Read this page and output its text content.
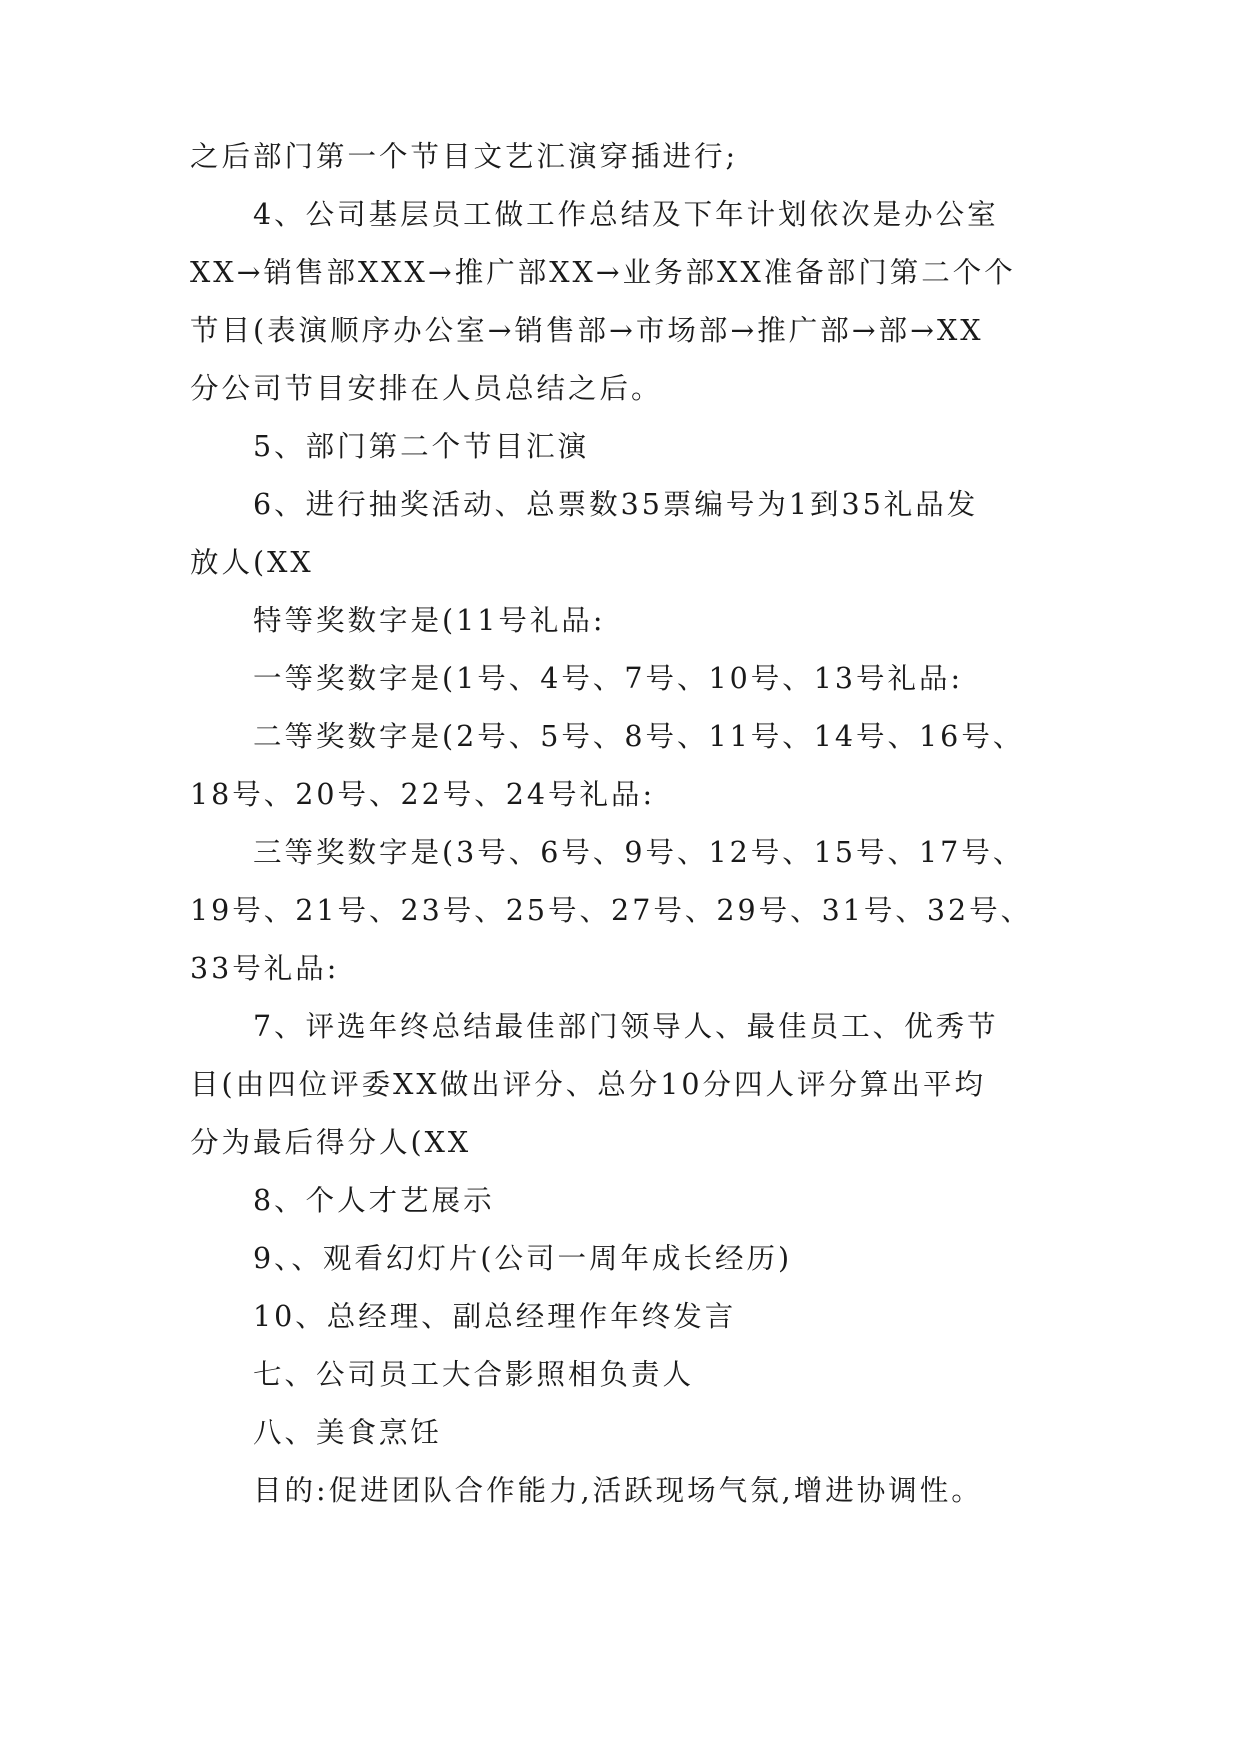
之后部门第一个节目文艺汇演穿插进行;

4、公司基层员工做工作总结及下年计划依次是办公室

XX→销售部XXX→推广部XX→业务部XX准备部门第二个个

节目(表演顺序办公室→销售部→市场部→推广部→部→XX

分公司节目安排在人员总结之后。

5、部门第二个节目汇演

6、进行抽奖活动、总票数35票编号为1到35礼品发

放人(XX

特等奖数字是(11号礼品:

一等奖数字是(1号、4号、7号、10号、13号礼品:

二等奖数字是(2号、5号、8号、11号、14号、16号、

18号、20号、22号、24号礼品:

三等奖数字是(3号、6号、9号、12号、15号、17号、

19号、21号、23号、25号、27号、29号、31号、32号、

33号礼品:

7、评选年终总结最佳部门领导人、最佳员工、优秀节

目(由四位评委XX做出评分、总分10分四人评分算出平均

分为最后得分人(XX

8、个人才艺展示

9、、观看幻灯片(公司一周年成长经历)

10、总经理、副总经理作年终发言

七、公司员工大合影照相负责人

八、美食烹饪

目的:促进团队合作能力,活跃现场气氛,增进协调性。
